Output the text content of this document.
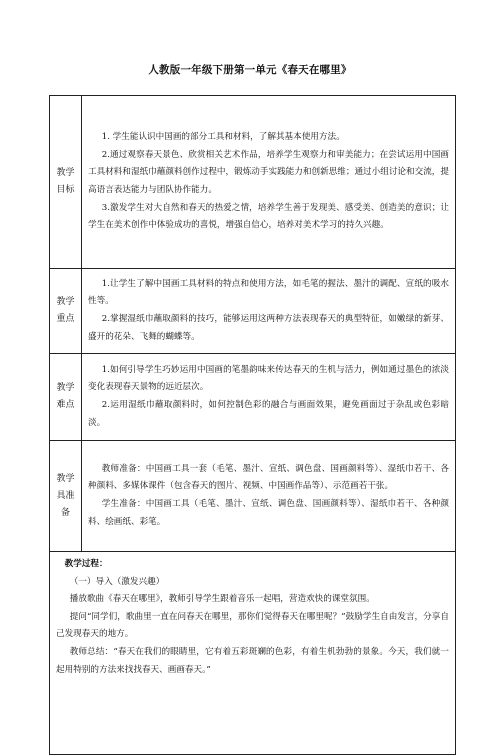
人教版一年级下册第一单元《春天在哪里》
教学目标	1. 学生能认识中国画的部分工具和材料，了解其基本使用方法。

2.通过观察春天景色、欣赏相关艺术作品，培养学生观察力和审美能力；在尝试运用中国画工具材料和湿纸巾蘸颜料创作过程中，锻炼动手实践能力和创新思维；通过小组讨论和交流，提高语言表达能力与团队协作能力。

3.激发学生对大自然和春天的热爱之情，培养学生善于发现美、感受美、创造美的意识；让学生在美术创作中体验成功的喜悦，增强自信心，培养对美术学习的持久兴趣。

教学重点	1.让学生了解中国画工具材料的特点和使用方法，如毛笔的握法、墨汁的调配、宣纸的吸水性等。

2.掌握湿纸巾蘸取颜料的技巧，能够运用这两种方法表现春天的典型特征，如嫩绿的新芽、盛开的花朵、飞舞的蝴蝶等。

教学难点	1.如何引导学生巧妙运用中国画的笔墨韵味来传达春天的生机与活力，例如通过墨色的浓淡变化表现春天景物的远近层次。

2.运用湿纸巾蘸取颜料时，如何控制色彩的融合与画面效果，避免画面过于杂乱或色彩暗淡。

教学具准备	教师准备：中国画工具一套（毛笔、墨汁、宣纸、调色盘、国画颜料等）、湿纸巾若干、各种颜料、多媒体课件（包含春天的图片、视频、中国画作品等）、示范画若干张。

学生准备：中国画工具（毛笔、墨汁、宣纸、调色盘、国画颜料等）、湿纸巾若干、各种颜料、绘画纸、彩笔。

教学过程：

（一）导入（激发兴趣）

播放歌曲《春天在哪里》，教师引导学生跟着音乐一起唱，营造欢快的课堂氛围。

提问“同学们，歌曲里一直在问春天在哪里，那你们觉得春天在哪里呢？”鼓励学生自由发言，分享自己发现春天的地方。

教师总结：“春天在我们的眼睛里，它有着五彩斑斓的色彩，有着生机勃勃的景象。今天，我们就一起用特别的方法来找找春天、画画春天。”	
